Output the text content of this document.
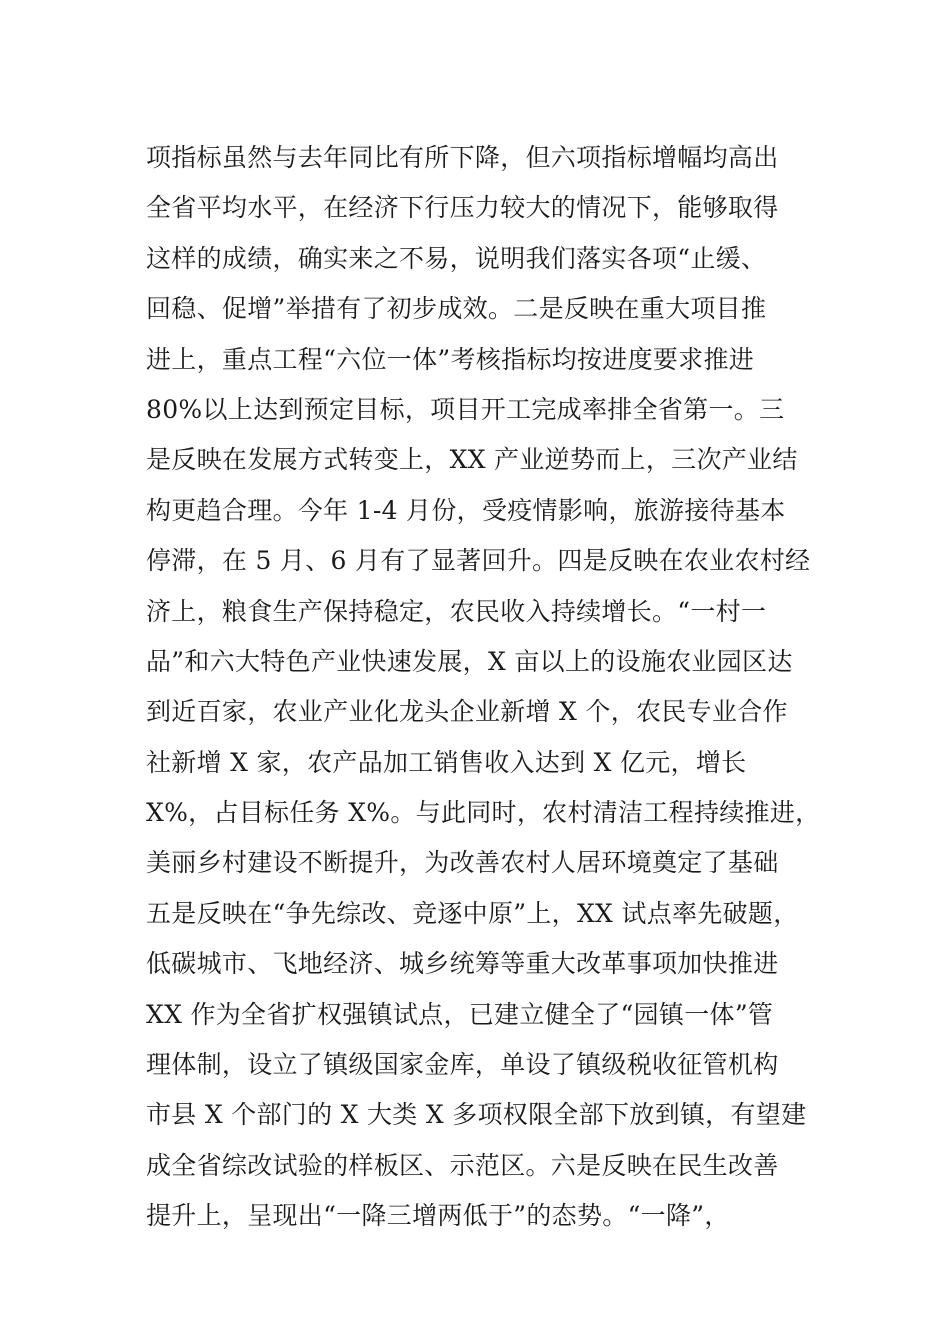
项指标虽然与去年同比有所下降，但六项指标增幅均高出
全省平均水平，在经济下行压力较大的情况下，能够取得
这样的成绩，确实来之不易，说明我们落实各项“止缓、
回稳、促增”举措有了初步成效。二是反映在重大项目推
进上，重点工程“六位一体”考核指标均按进度要求推进
80%以上达到预定目标，项目开工完成率排全省第一。三
是反映在发展方式转变上，XX 产业逆势而上，三次产业结
构更趋合理。今年 1-4 月份，受疫情影响，旅游接待基本
停滞，在 5 月、6 月有了显著回升。四是反映在农业农村经
济上，粮食生产保持稳定，农民收入持续增长。“一村一
品”和六大特色产业快速发展，X 亩以上的设施农业园区达
到近百家，农业产业化龙头企业新增 X 个，农民专业合作
社新增 X 家，农产品加工销售收入达到 X 亿元，增长
X%，占目标任务 X%。与此同时，农村清洁工程持续推进，
美丽乡村建设不断提升，为改善农村人居环境奠定了基础
五是反映在“争先综改、竞逐中原”上，XX 试点率先破题，
低碳城市、飞地经济、城乡统筹等重大改革事项加快推进
XX 作为全省扩权强镇试点，已建立健全了“园镇一体”管
理体制，设立了镇级国家金库，单设了镇级税收征管机构
市县 X 个部门的 X 大类 X 多项权限全部下放到镇，有望建
成全省综改试验的样板区、示范区。六是反映在民生改善
提升上，呈现出“一降三增两低于”的态势。“一降”，
